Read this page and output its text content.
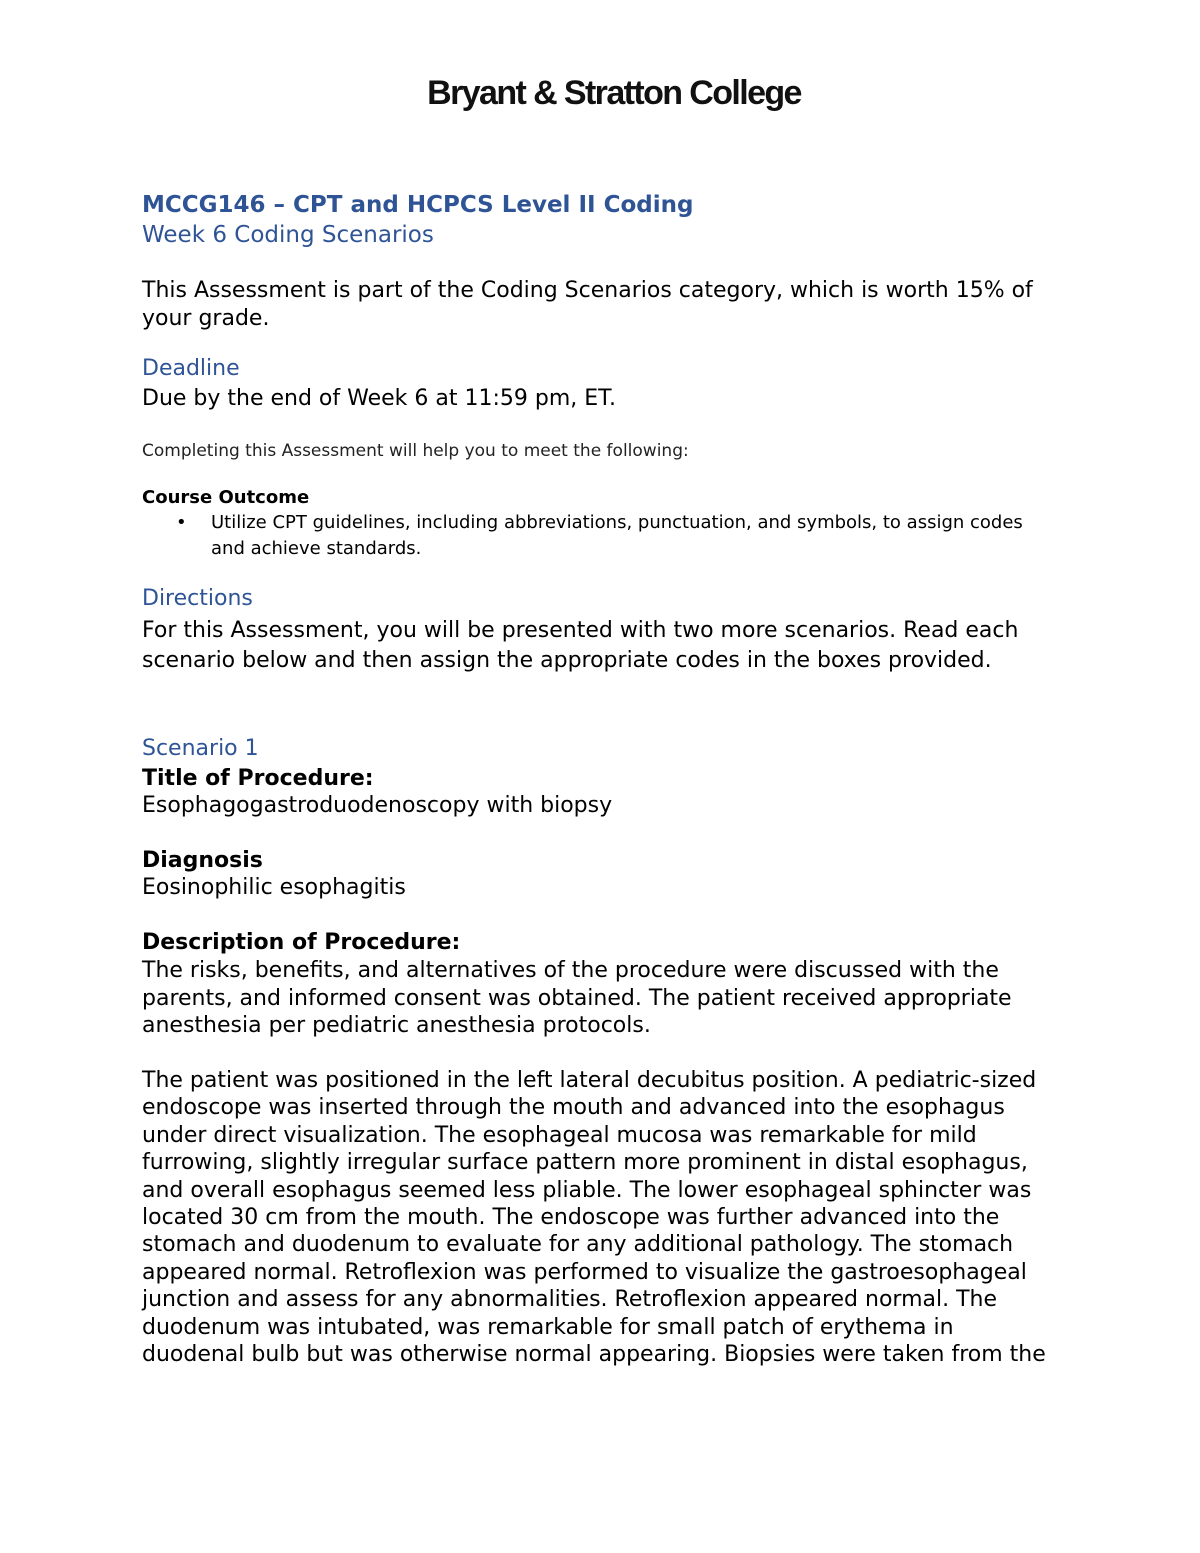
Bryant & Stratton College
MCCG146 – CPT and HCPCS Level II Coding
Week 6 Coding Scenarios
This Assessment is part of the Coding Scenarios category, which is worth 15% of your grade.
Deadline
Due by the end of Week 6 at 11:59 pm, ET.
Completing this Assessment will help you to meet the following:
Course Outcome
• Utilize CPT guidelines, including abbreviations, punctuation, and symbols, to assign codes and achieve standards.
Directions
For this Assessment, you will be presented with two more scenarios. Read each scenario below and then assign the appropriate codes in the boxes provided.
Scenario 1
Title of Procedure:
Esophagogastroduodenoscopy with biopsy
Diagnosis
Eosinophilic esophagitis
Description of Procedure:
The risks, benefits, and alternatives of the procedure were discussed with the parents, and informed consent was obtained. The patient received appropriate anesthesia per pediatric anesthesia protocols.
The patient was positioned in the left lateral decubitus position. A pediatric-sized endoscope was inserted through the mouth and advanced into the esophagus under direct visualization. The esophageal mucosa was remarkable for mild furrowing, slightly irregular surface pattern more prominent in distal esophagus, and overall esophagus seemed less pliable. The lower esophageal sphincter was located 30 cm from the mouth. The endoscope was further advanced into the stomach and duodenum to evaluate for any additional pathology. The stomach appeared normal. Retroflexion was performed to visualize the gastroesophageal junction and assess for any abnormalities. Retroflexion appeared normal. The duodenum was intubated, was remarkable for small patch of erythema in duodenal bulb but was otherwise normal appearing. Biopsies were taken from the
